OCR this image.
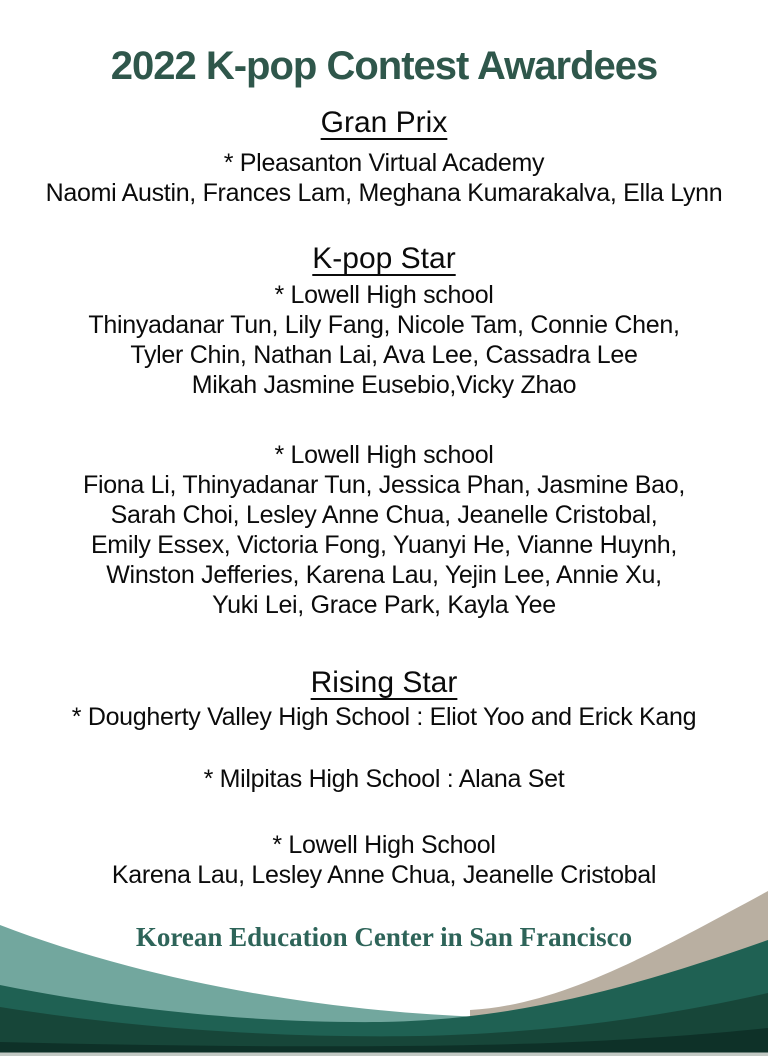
2022 K-pop Contest Awardees
Gran Prix

* Pleasanton Virtual Academy

Naomi Austin, Frances Lam, Meghana Kumarakalva, Ella Lynn

K-pop Star

* Lowell High school

Thinyadanar Tun, Lily Fang, Nicole Tam, Connie Chen,

Tyler Chin, Nathan Lai, Ava Lee, Cassadra Lee

Mikah Jasmine Eusebio,Vicky Zhao

* Lowell High school

Fiona Li, Thinyadanar Tun, Jessica Phan, Jasmine Bao,

Sarah Choi, Lesley Anne Chua, Jeanelle Cristobal,

Emily Essex, Victoria Fong, Yuanyi He, Vianne Huynh,

Winston Jefferies, Karena Lau, Yejin Lee, Annie Xu,

Yuki Lei, Grace Park, Kayla Yee

Rising Star

* Dougherty Valley High School : Eliot Yoo and Erick Kang

* Milpitas High School : Alana Set

* Lowell High School

Karena Lau, Lesley Anne Chua, Jeanelle Cristobal

Korean Education Center in San Francisco
